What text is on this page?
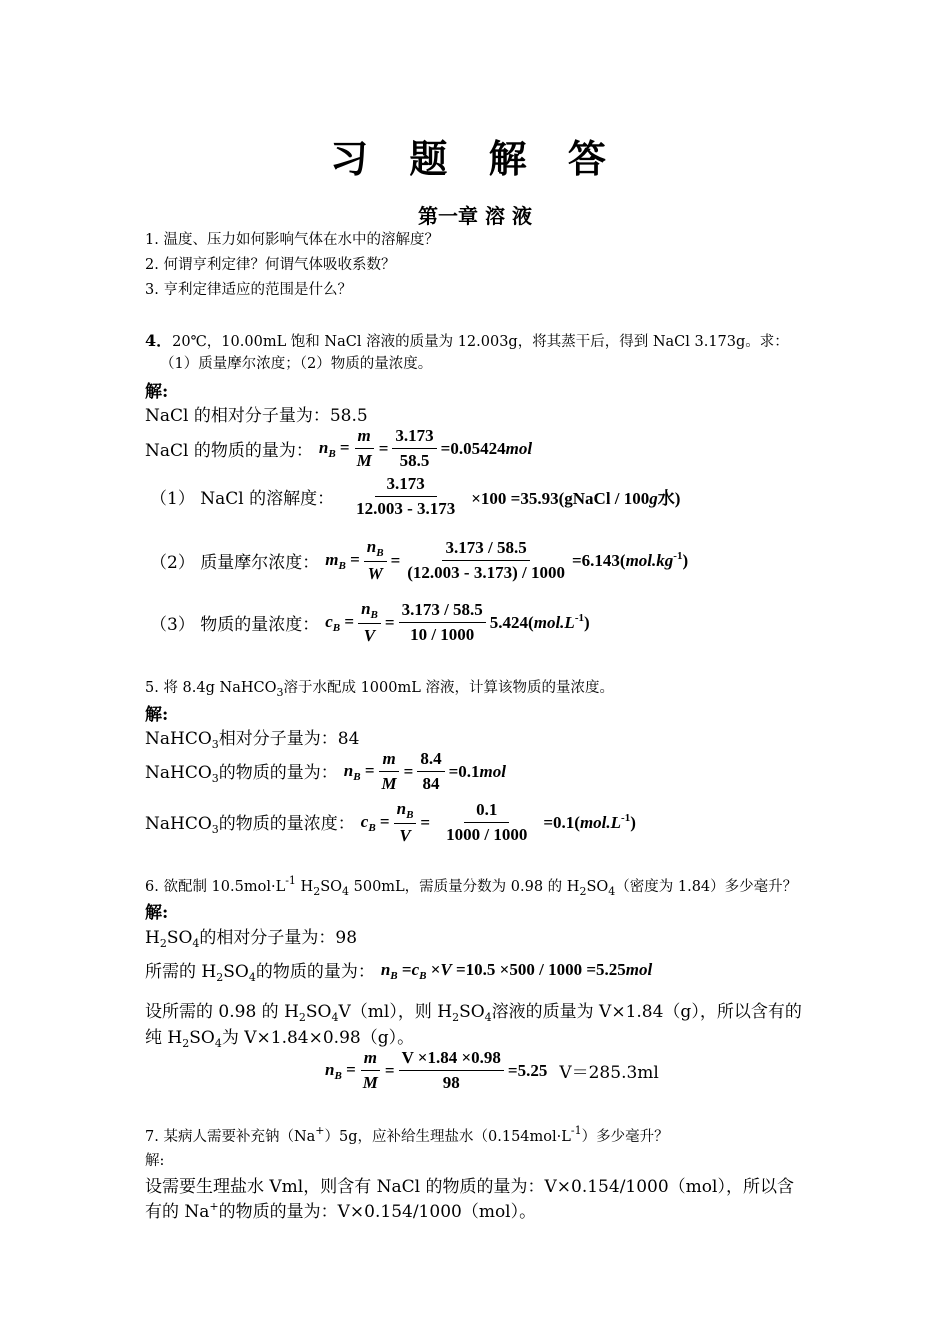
习 题 解 答
第一章 溶 液
1. 温度、压力如何影响气体在水中的溶解度？
2. 何谓亨利定律？何谓气体吸收系数？
3. 亨利定律适应的范围是什么？
4．20℃，10.00mL 饱和 NaCl 溶液的质量为 12.003g，将其蒸干后，得到 NaCl 3.173g。求：
（1）质量摩尔浓度；（2）物质的量浓度。
解:
NaCl 的相对分子量为：58.5
NaCl 的物质的量为： $n_B = \frac{m}{M} = \frac{3.173}{58.5} =0.05424mol$
（1） NaCl 的溶解度： $\frac{3.173}{12.003 - 3.173} \times 100$ =35.93(gNaCl / 100g水)
（2） 质量摩尔浓度： $m_B = \frac{n_B}{W} = \frac{3.173 / 58.5}{(12.003 - 3.173) / 1000} =6.143(mol.kg^{-1})$
（3） 物质的量浓度： $c_B = \frac{n_B}{V} = \frac{3.173 / 58.5}{10 / 1000} 5.424(mol.L^{-1})$
5. 将 8.4g NaHCO$_3$溶于水配成 1000mL 溶液，计算该物质的量浓度。
解:
NaHCO$_3$相对分子量为：84
NaHCO$_3$的物质的量为： $n_B = \frac{m}{M} = \frac{8.4}{84} =0.1mol$
NaHCO$_3$的物质的量浓度： $c_B = \frac{n_B}{V} = \frac{0.1}{1000 / 1000} =0.1(mol.L^{-1})$
6. 欲配制 $10.5mol\cdot L^{-1}$ $H_2SO_4$ 500mL，需质量分数为 0.98 的 $H_2SO_4$（密度为 1.84）多少毫升？
解:
$H_2SO_4$的相对分子量为：98
所需的 $H_2SO_4$的物质的量为： $n_B =c_B \times V =10.5 \times 500 / 1000 =5.25mol$
设所需的 0.98 的 $H_2SO_4V(ml)$，则 $H_2SO_4$溶液的质量为 V×1.84（g），所以含有的
纯 $H_2SO_4$为 V×1.84×0.98（g）。
$n_B = \frac{m}{M} = \frac{V \times 1.84 \times 0.98}{98} =5.25$ V＝285.3ml
7. 某病人需要补充钠（Na+）5g，应补给生理盐水$(0.154mol\cdot L^{-1})$多少毫升？
解:
设需要生理盐水 Vml，则含有 NaCl 的物质的量为：V×0.154/1000（mol），所以含
有的 Na+的物质的量为：V×0.154/1000（mol）。
